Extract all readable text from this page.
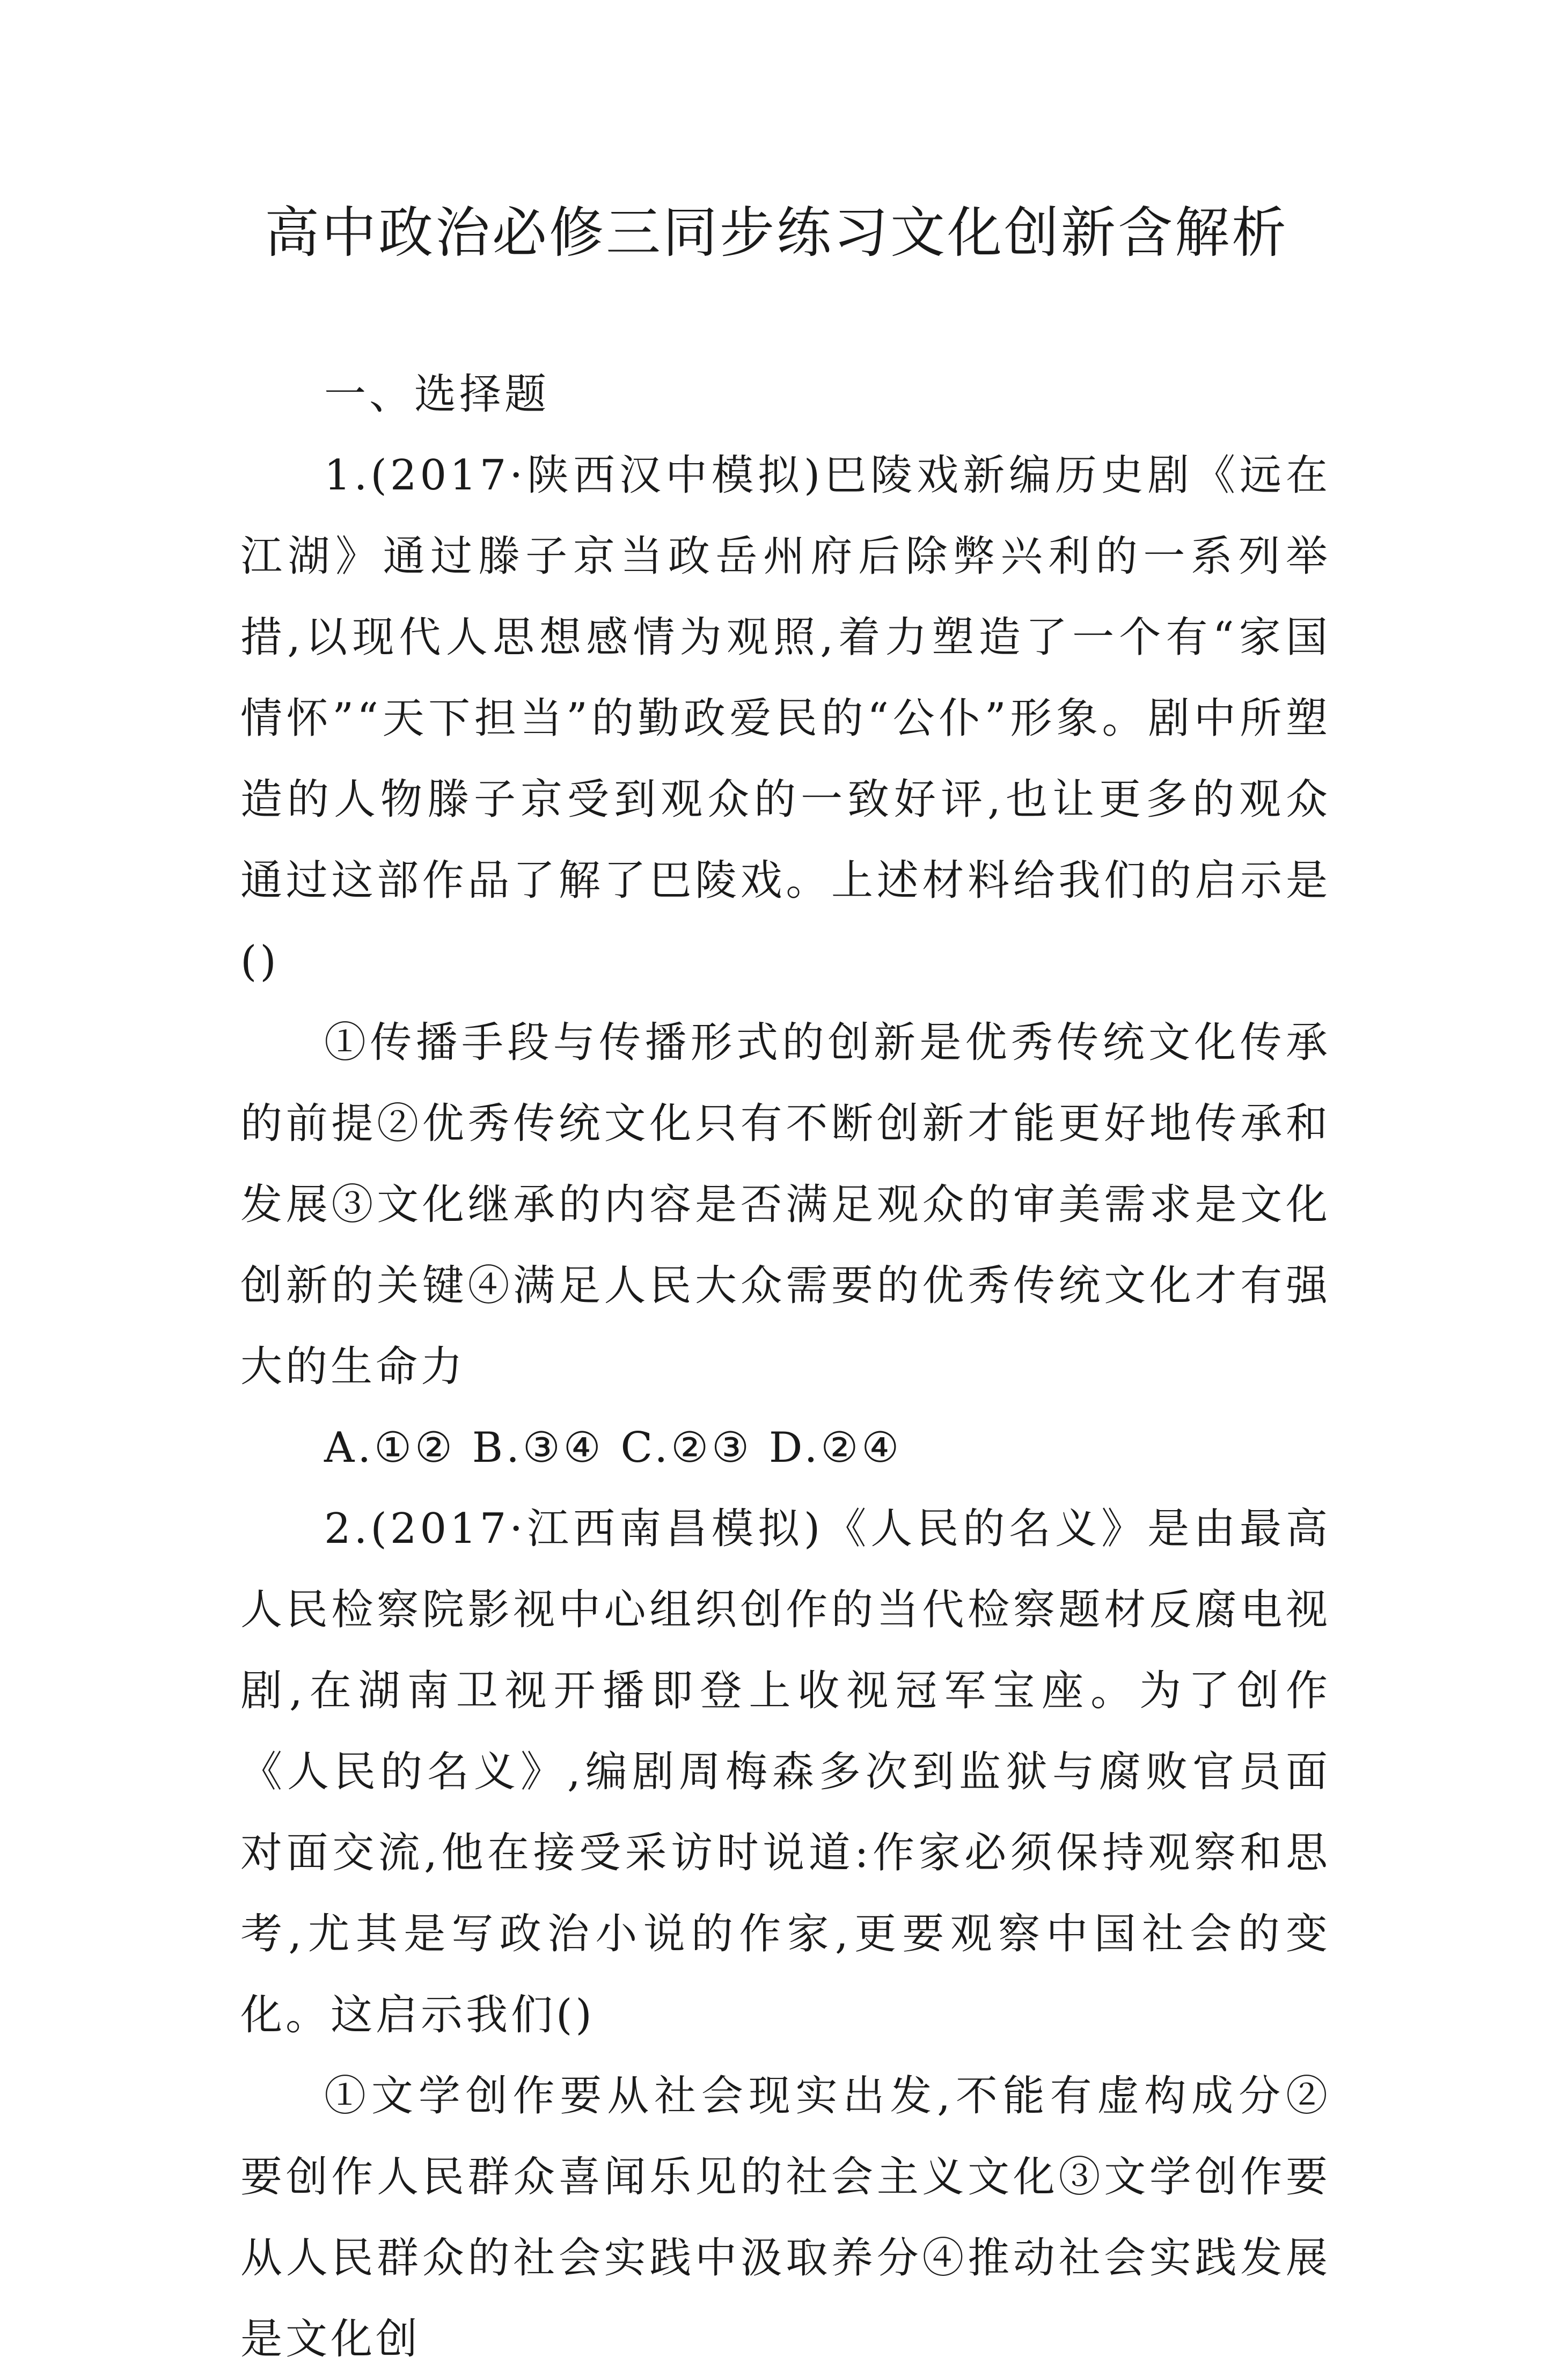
高中政治必修三同步练习文化创新含解析

一、选择题

1.(2017·陕西汉中模拟)巴陵戏新编历史剧《远在江湖》通过滕子京当政岳州府后除弊兴利的一系列举措,以现代人思想感情为观照,着力塑造了一个有“家国情怀”“天下担当”的勤政爱民的“公仆”形象。剧中所塑造的人物滕子京受到观众的一致好评,也让更多的观众通过这部作品了解了巴陵戏。上述材料给我们的启示是()

①传播手段与传播形式的创新是优秀传统文化传承的前提②优秀传统文化只有不断创新才能更好地传承和发展③文化继承的内容是否满足观众的审美需求是文化创新的关键④满足人民大众需要的优秀传统文化才有强大的生命力

A.①② B.③④ C.②③ D.②④

2.(2017·江西南昌模拟)《人民的名义》是由最高人民检察院影视中心组织创作的当代检察题材反腐电视剧,在湖南卫视开播即登上收视冠军宝座。为了创作《人民的名义》,编剧周梅森多次到监狱与腐败官员面对面交流,他在接受采访时说道:作家必须保持观察和思考,尤其是写政治小说的作家,更要观察中国社会的变化。这启示我们()

①文学创作要从社会现实出发,不能有虚构成分②要创作人民群众喜闻乐见的社会主义文化③文学创作要从人民群众的社会实践中汲取养分④推动社会实践发展是文化创
